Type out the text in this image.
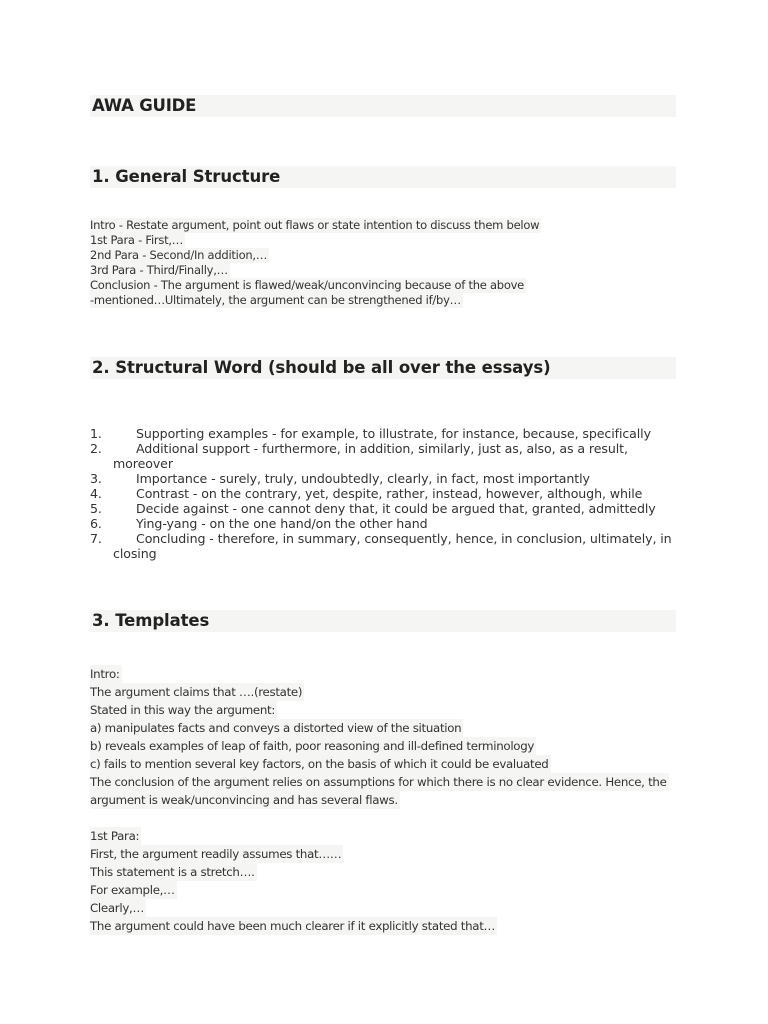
AWA GUIDE
1. General Structure
Intro - Restate argument, point out flaws or state intention to discuss them below
1st Para - First,…
2nd Para - Second/In addition,…
3rd Para - Third/Finally,…
Conclusion - The argument is flawed/weak/unconvincing because of the above
-mentioned…Ultimately, the argument can be strengthened if/by…
2. Structural Word (should be all over the essays)
1.	Supporting examples - for example, to illustrate, for instance, because, specifically
2.	Additional support - furthermore, in addition, similarly, just as, also, as a result,
moreover
3.	Importance - surely, truly, undoubtedly, clearly, in fact, most importantly
4.	Contrast - on the contrary, yet, despite, rather, instead, however, although, while
5.	Decide against - one cannot deny that, it could be argued that, granted, admittedly
6.	Ying-yang - on the one hand/on the other hand
7.	Concluding - therefore, in summary, consequently, hence, in conclusion, ultimately, in
closing
3. Templates
Intro:
The argument claims that ….(restate)
Stated in this way the argument:
a) manipulates facts and conveys a distorted view of the situation
b) reveals examples of leap of faith, poor reasoning and ill-defined terminology
c) fails to mention several key factors, on the basis of which it could be evaluated
The conclusion of the argument relies on assumptions for which there is no clear evidence. Hence, the
argument is weak/unconvincing and has several flaws.
1st Para:
First, the argument readily assumes that……
This statement is a stretch….
For example,…
Clearly,…
The argument could have been much clearer if it explicitly stated that…
